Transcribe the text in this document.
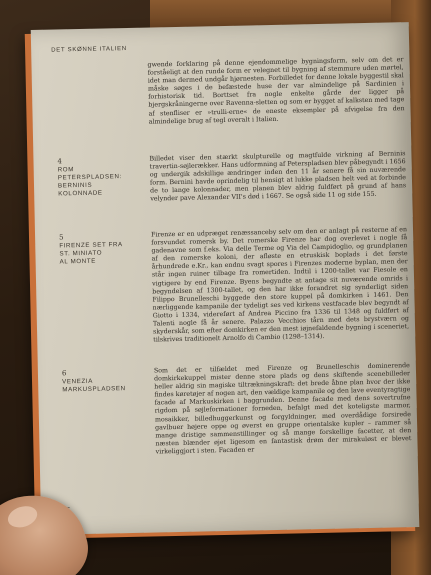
DET SKØNNE ITALIEN
gwende forklaring på denne ejendommelige bygningsform, selv om det er forståeligt at den runde form er velegnet til bygning af stemmure uden mørtel, idet man dermed undgår hjørnesten. Forbilledet for denne lokale byggestil skal måske søges i de befæstede huse der var almindelige på Sardinien i forhistorisk tid. Borttset fra nogle enkelte gårde der ligger på bjergskråningerne over Ravenna-sletten og som er bygget af kalksten med tage af stenfliser er »trulli-erne« de eneste eksempler på afvigelse fra den almindelige brug af tegl overalt i Italien.
4
ROM
PETERSPLADSEN:
BERNINIS
KOLONNADE
Billedet viser den stærkt skulpturelle og magtfulde virkning af Berninis travertin-søjlerækker. Hans udformning af Peterspladsen blev påbegyndt i 1656 og undergik adskillige ændringer inden den 11 år senere få sin nuværende form. Bernini havde oprindelig til hensigt at lukke pladsen helt ved at forbinde de to lange kolonnader, men planen blev aldrig fuldført på grund af hans velynder pave Alexander VII's død i 1667. Se også side 11 og side 155.
5
FIRENZE SET FRA
ST. MINIATO
AL MONTE
Firenze er en udpræget renæssanceby selv om den er anlagt på resterne af en forsvundet romersk by. Det romerske Firenze har dog overlevet i nogle få gadenavne som f.eks. Via delle Terme og Via del Campidoglio, og grundplanen af den romerske koloni, der afløste en etruskisk boplads i det første århundrede e.Kr., kan endnu svagt spores i Firenzes moderne byplan, men der står ingen ruiner tilbage fra romertiden. Indtil i 1200-tallet var Fiesole en vigtigere by end Firenze. Byens begyndte at antage sit nuværende omrids i begyndelsen af 1300-tallet, og den har ikke forandret sig synderligt siden Filippo Brunelleschi byggede den store kuppel på domkirken i 1461. Den nærliggende kampanile der tydeligt ses ved kirkens vestfacade blev begyndt af Giotto i 1334, videreført af Andrea Piccino fra 1336 til 1348 og fuldført af Talenti nogle få år senere. Palazzo Vecchios tårn med dets brystværn og skyderskår, som efter domkirken er den mest iøjnefaldende bygning i sceneriet, tilskrives traditionelt Arnolfo di Cambio (1298–1314).
6
VENEZIA
MARKUSPLADSEN
Som det er tilfældet med Firenze og Brunelleschis dominerende domkirkekuppel mister denne store plads og dens skiftende scenebilleder heller aldrig sin magiske tiltrækningskraft: det brede åbne plan hvor der ikke findes køretøjer af nogen art, den vældige kampanile og den lave eventyragtige facade af Markuskirken i baggrunden. Denne facade med dens sovertrufne rigdom på søjleformationer forneden, befalgt med det koteligste marmor, mosaikker, billedhuggerkunst og forgyldninger, med overdådige forsirede gavlbuer højere oppe og øverst en gruppe orientalske kupler – rammer så mange dristige sammenstillinger og så mange forskellige facetter, at den næsten blænder øjet ligesom en fantastisk drøm der mirakuløst er blevet virkeliggjort i sten. Facaden er
